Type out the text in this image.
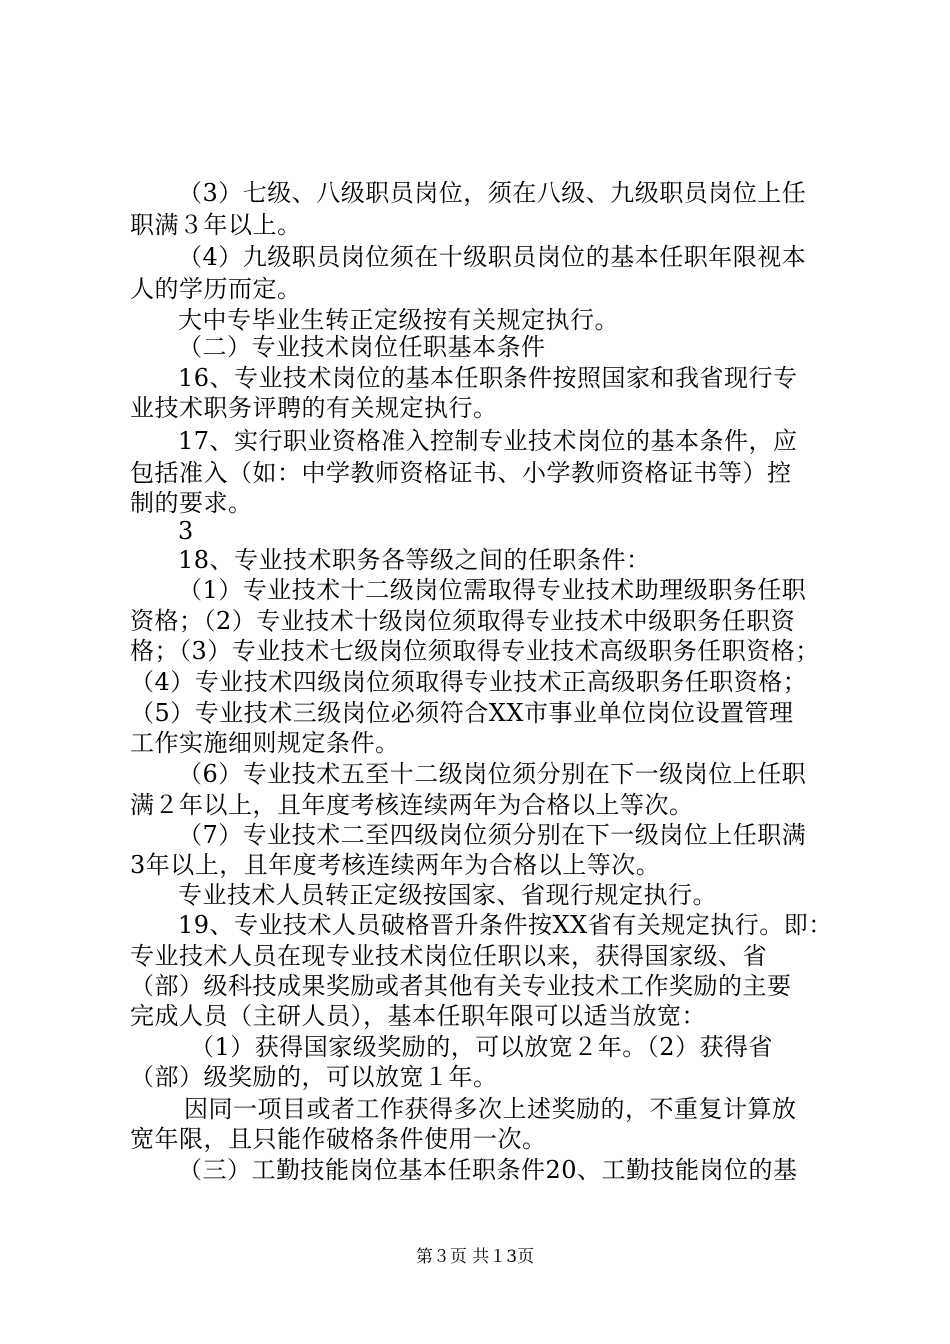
（3）七级、八级职员岗位，须在八级、九级职员岗位上任
职满３年以上。
（4）九级职员岗位须在十级职员岗位的基本任职年限视本
人的学历而定。
大中专毕业生转正定级按有关规定执行。
（二）专业技术岗位任职基本条件
16、专业技术岗位的基本任职条件按照国家和我省现行专
业技术职务评聘的有关规定执行。
17、实行职业资格准入控制专业技术岗位的基本条件，应
包括准入（如：中学教师资格证书、小学教师资格证书等）控
制的要求。
3
18、专业技术职务各等级之间的任职条件：
（1）专业技术十二级岗位需取得专业技术助理级职务任职
资格；（2）专业技术十级岗位须取得专业技术中级职务任职资
格；（3）专业技术七级岗位须取得专业技术高级职务任职资格；
（4）专业技术四级岗位须取得专业技术正高级职务任职资格；
（5）专业技术三级岗位必须符合XX市事业单位岗位设置管理
工作实施细则规定条件。
（6）专业技术五至十二级岗位须分别在下一级岗位上任职
满２年以上，且年度考核连续两年为合格以上等次。
（7）专业技术二至四级岗位须分别在下一级岗位上任职满
3年以上，且年度考核连续两年为合格以上等次。
专业技术人员转正定级按国家、省现行规定执行。
19、专业技术人员破格晋升条件按XX省有关规定执行。即：
专业技术人员在现专业技术岗位任职以来，获得国家级、省
（部）级科技成果奖励或者其他有关专业技术工作奖励的主要
完成人员（主研人员），基本任职年限可以适当放宽：
（1）获得国家级奖励的，可以放宽２年。（2）获得省
（部）级奖励的，可以放宽１年。
因同一项目或者工作获得多次上述奖励的，不重复计算放
宽年限，且只能作破格条件使用一次。
（三）工勤技能岗位基本任职条件20、工勤技能岗位的基
第３页 共１3页
